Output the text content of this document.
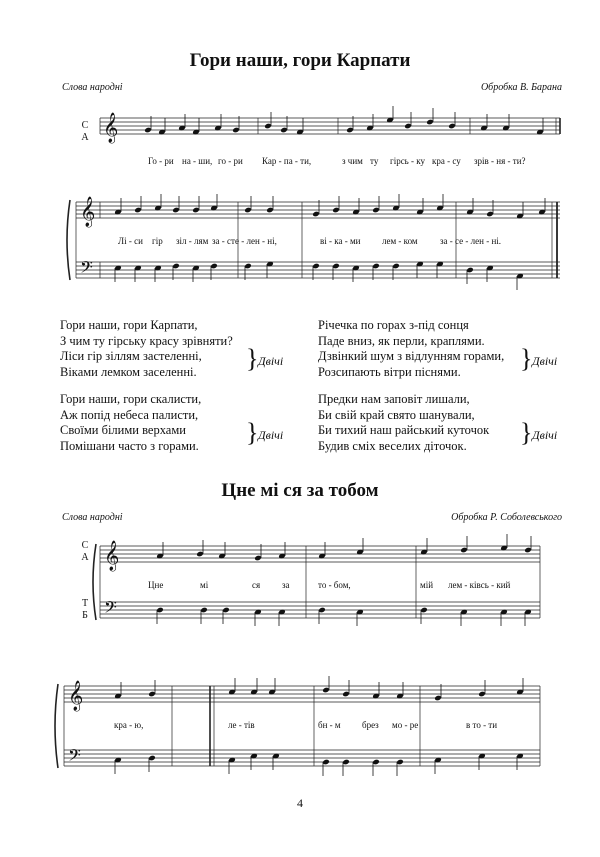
Гори наши, гори Карпати
Слова народні	Обробка В. Барана
С
А 𝄞
𝄞
𝄢
𝄞
𝄢
𝄞
𝄢
Го - ри на - ши, го - ри Кар - па - ти,	з чим ту гірсь - ку кра - су зрів - ня - ти?
Лі - си гір зіл - лям за - сте - лен - ні,	ві - ка - ми лем - ком за - се - лен - ні.
Гори наши, гори Карпати,
З чим ту гірську красу зрівняти?
Ліси гір зіллям застеленні,
Віками лемком заселенні.	} Двічі
Гори наши, гори скалисти,
Аж попід небеса палисти,
Своїми білими верхами
Помішани часто з горами. } Двічі
Річечка по горах з-під сонця
Паде вниз, як перли, краплями.
Дзвінкий шум з відлунням горами,
Розсипають вітри піснями.	} Двічі
Предки нам заповіт лишали,
Би свій край свято шанували,
Би тихий наш райський куточок
Будив сміх веселих діточок.	} Двічі
Цне мі ся за тобом
Слова народні	Обробка Р. Соболевського
С
А
Т
Б
Цне	мі	ся за	то - бом,	мій лем - ківсь - кий
кра - ю,	ле - тів	бн - м брез мо - ре	в то - ти
4
